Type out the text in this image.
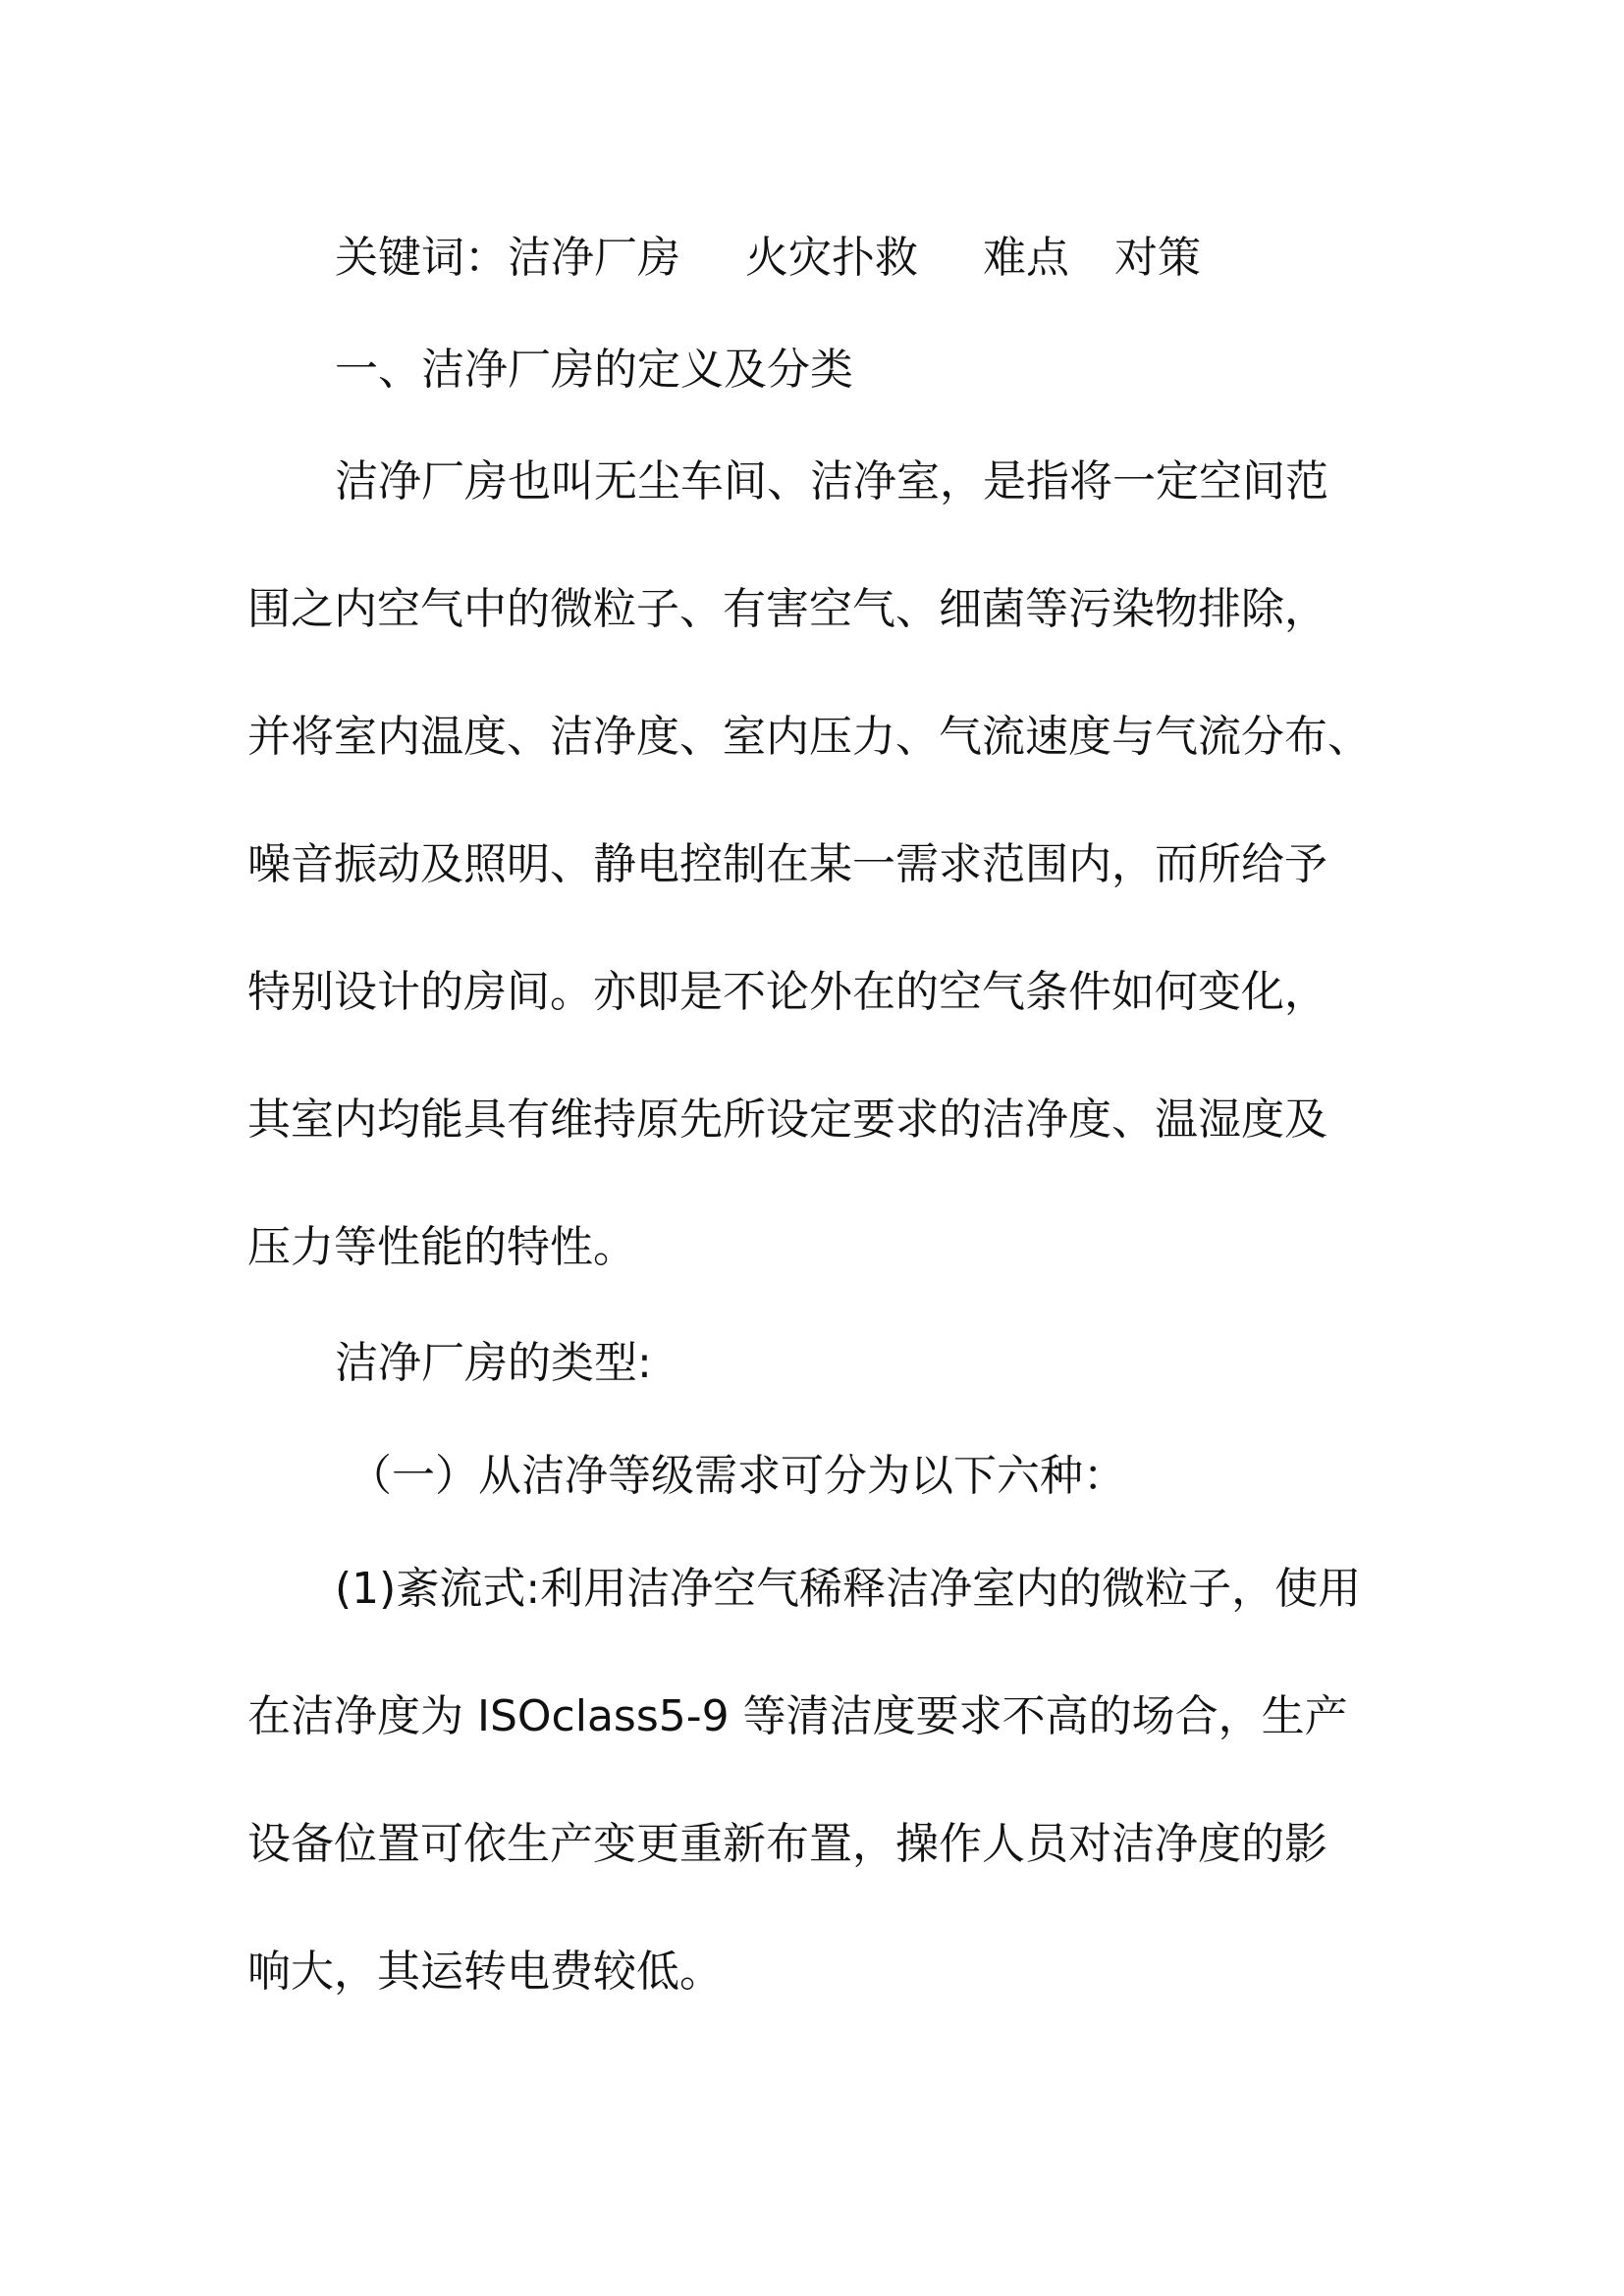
关键词：洁净厂房 火灾扑救 难点 对策

一、洁净厂房的定义及分类

洁净厂房也叫无尘车间、洁净室，是指将一定空间范

围之内空气中的微粒子、有害空气、细菌等污染物排除，

并将室内温度、洁净度、室内压力、气流速度与气流分布、

噪音振动及照明、静电控制在某一需求范围内，而所给予

特别设计的房间。亦即是不论外在的空气条件如何变化，

其室内均能具有维持原先所设定要求的洁净度、温湿度及

压力等性能的特性。

洁净厂房的类型:

（一）从洁净等级需求可分为以下六种：

(1)紊流式:利用洁净空气稀释洁净室内的微粒子，使用

在洁净度为 ISOclass5-9 等清洁度要求不高的场合，生产

设备位置可依生产变更重新布置，操作人员对洁净度的影

响大，其运转电费较低。
